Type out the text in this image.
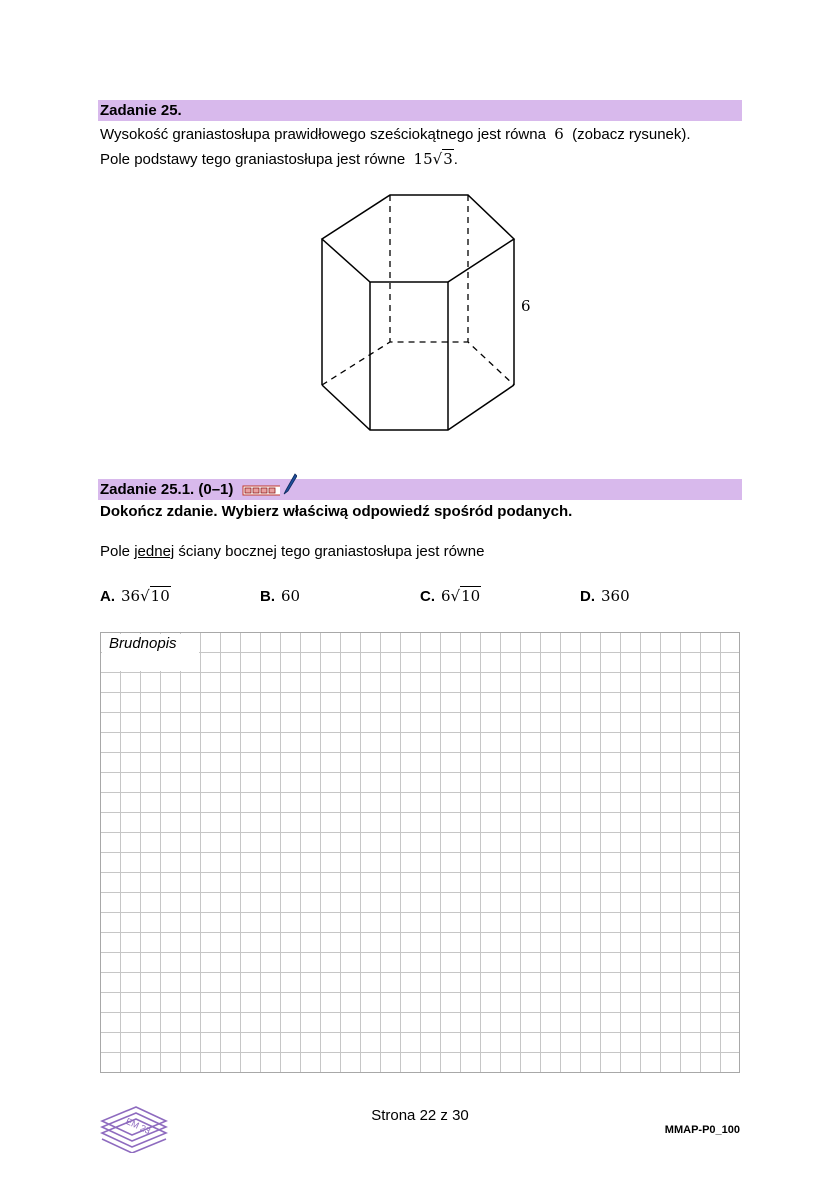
Zadanie 25.
Wysokość graniastosłupa prawidłowego sześciokątnego jest równa 6 (zobacz rysunek).
Pole podstawy tego graniastosłupa jest równe 15√3.
6
Zadanie 25.1. (0–1)
Dokończ zdanie. Wybierz właściwą odpowiedź spośród podanych.
Pole jednej ściany bocznej tego graniastosłupa jest równe
A. 36√10	B. 60	C. 6√10	D. 360
Brudnopis
EM 23
Strona 22 z 30
MMAP-P0_100
